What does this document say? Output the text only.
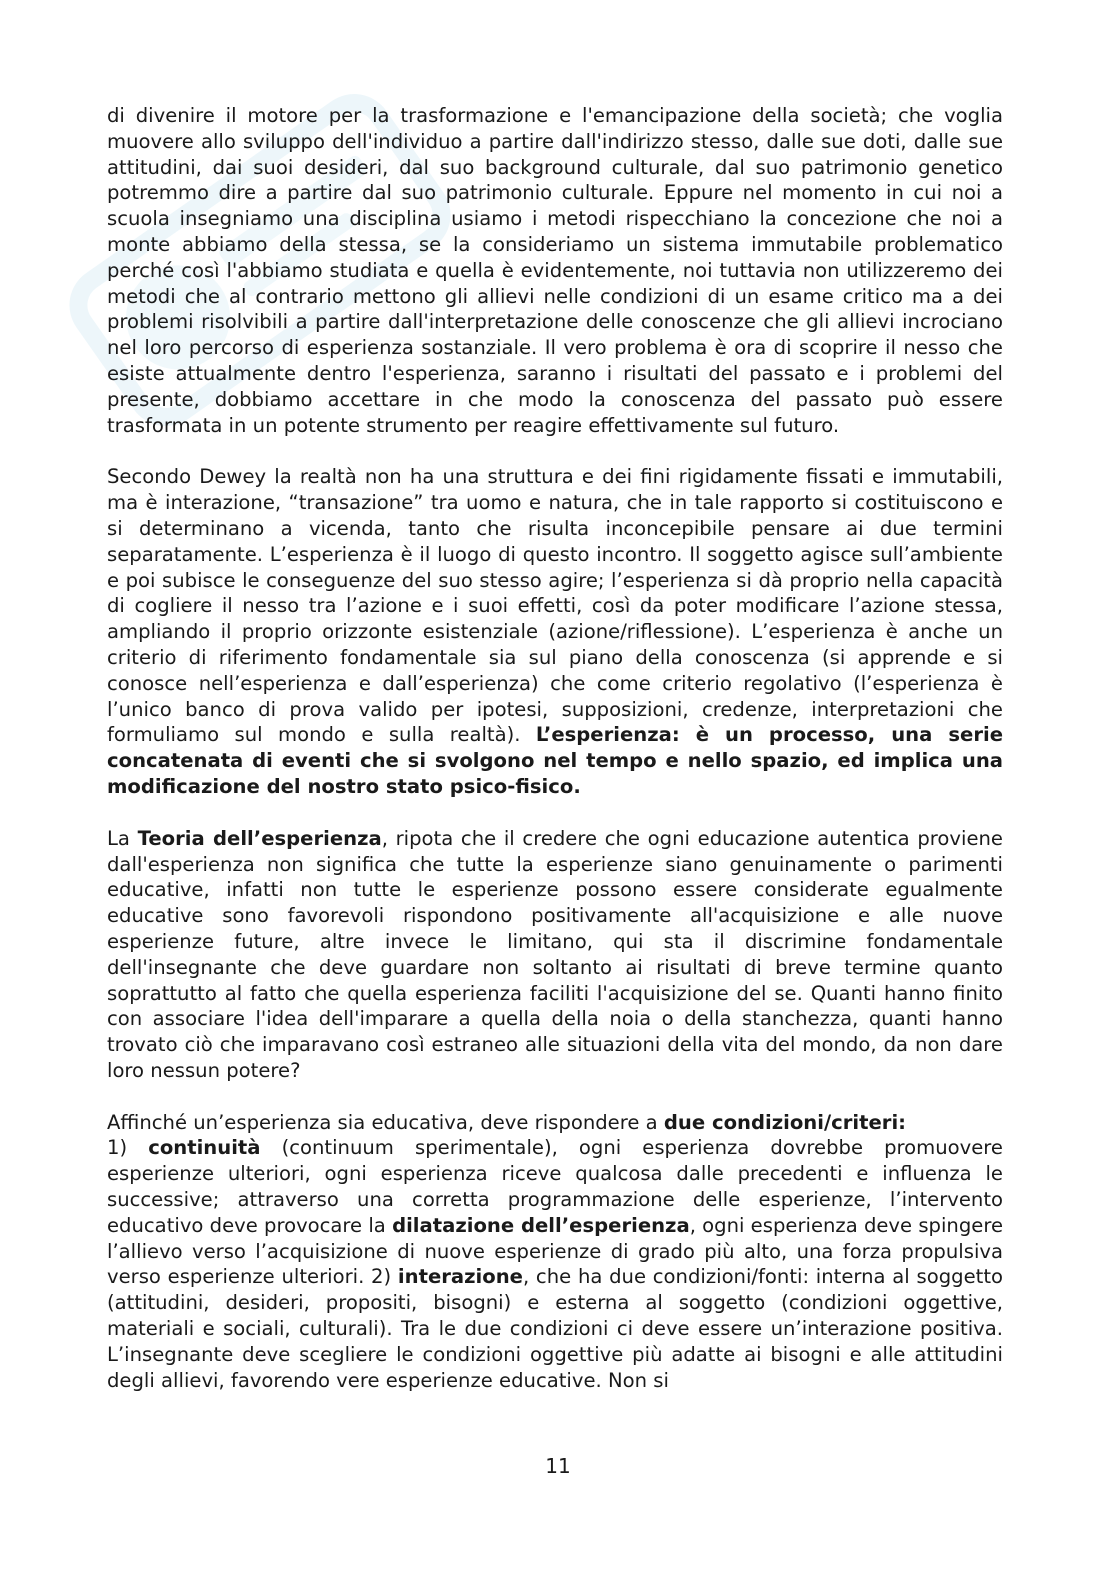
di divenire il motore per la trasformazione e l'emancipazione della società; che voglia muovere allo sviluppo dell'individuo a partire dall'indirizzo stesso, dalle sue doti, dalle sue attitudini, dai suoi desideri, dal suo background culturale, dal suo patrimonio genetico potremmo dire a partire dal suo patrimonio culturale. Eppure nel momento in cui noi a scuola insegniamo una disciplina usiamo i metodi rispecchiano la concezione che noi a monte abbiamo della stessa, se la consideriamo un sistema immutabile problematico perché così l'abbiamo studiata e quella è evidentemente, noi tuttavia non utilizzeremo dei metodi che al contrario mettono gli allievi nelle condizioni di un esame critico ma a dei problemi risolvibili a partire dall'interpretazione delle conoscenze che gli allievi incrociano nel loro percorso di esperienza sostanziale. Il vero problema è ora di scoprire il nesso che esiste attualmente dentro l'esperienza, saranno i risultati del passato e i problemi del presente, dobbiamo accettare in che modo la conoscenza del passato può essere trasformata in un potente strumento per reagire effettivamente sul futuro.

Secondo Dewey la realtà non ha una struttura e dei fini rigidamente fissati e immutabili, ma è interazione, “transazione” tra uomo e natura, che in tale rapporto si costituiscono e si determinano a vicenda, tanto che risulta inconcepibile pensare ai due termini separatamente. L’esperienza è il luogo di questo incontro. Il soggetto agisce sull’ambiente e poi subisce le conseguenze del suo stesso agire; l’esperienza si dà proprio nella capacità di cogliere il nesso tra l’azione e i suoi effetti, così da poter modificare l’azione stessa, ampliando il proprio orizzonte esistenziale (azione/riflessione). L’esperienza è anche un criterio di riferimento fondamentale sia sul piano della conoscenza (si apprende e si conosce nell’esperienza e dall’esperienza) che come criterio regolativo (l’esperienza è l’unico banco di prova valido per ipotesi, supposizioni, credenze, interpretazioni che formuliamo sul mondo e sulla realtà). L’esperienza: è un processo, una serie concatenata di eventi che si svolgono nel tempo e nello spazio, ed implica una modificazione del nostro stato psico-fisico.

La Teoria dell’esperienza, ripota che il credere che ogni educazione autentica proviene dall'esperienza non significa che tutte la esperienze siano genuinamente o parimenti educative, infatti non tutte le esperienze possono essere considerate egualmente educative sono favorevoli rispondono positivamente all'acquisizione e alle nuove esperienze future, altre invece le limitano, qui sta il discrimine fondamentale dell'insegnante che deve guardare non soltanto ai risultati di breve termine quanto soprattutto al fatto che quella esperienza faciliti l'acquisizione del se. Quanti hanno finito con associare l'idea dell'imparare a quella della noia o della stanchezza, quanti hanno trovato ciò che imparavano così estraneo alle situazioni della vita del mondo, da non dare loro nessun potere?

Affinché un’esperienza sia educativa, deve rispondere a due condizioni/criteri:
1) continuità (continuum sperimentale), ogni esperienza dovrebbe promuovere esperienze ulteriori, ogni esperienza riceve qualcosa dalle precedenti e influenza le successive; attraverso una corretta programmazione delle esperienze, l’intervento educativo deve provocare la dilatazione dell’esperienza, ogni esperienza deve spingere l’allievo verso l’acquisizione di nuove esperienze di grado più alto, una forza propulsiva verso esperienze ulteriori. 2) interazione, che ha due condizioni/fonti: interna al soggetto (attitudini, desideri, propositi, bisogni) e esterna al soggetto (condizioni oggettive, materiali e sociali, culturali). Tra le due condizioni ci deve essere un’interazione positiva. L’insegnante deve scegliere le condizioni oggettive più adatte ai bisogni e alle attitudini degli allievi, favorendo vere esperienze educative. Non si

11
